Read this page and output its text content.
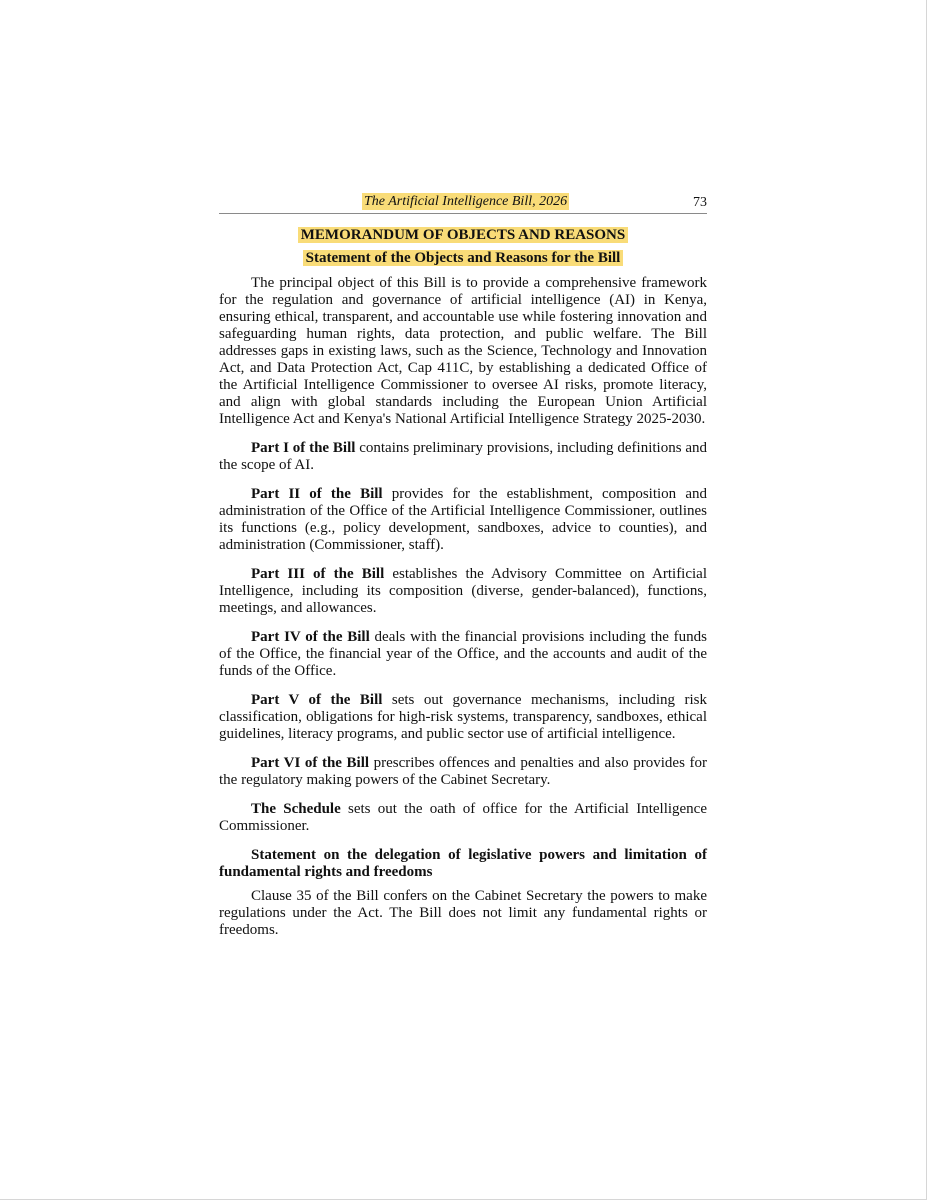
The Artificial Intelligence Bill, 2026	73
MEMORANDUM OF OBJECTS AND REASONS
Statement of the Objects and Reasons for the Bill

The principal object of this Bill is to provide a comprehensive framework for the regulation and governance of artificial intelligence (AI) in Kenya, ensuring ethical, transparent, and accountable use while fostering innovation and safeguarding human rights, data protection, and public welfare. The Bill addresses gaps in existing laws, such as the Science, Technology and Innovation Act, and Data Protection Act, Cap 411C, by establishing a dedicated Office of the Artificial Intelligence Commissioner to oversee AI risks, promote literacy, and align with global standards including the European Union Artificial Intelligence Act and Kenya's National Artificial Intelligence Strategy 2025-2030.

Part I of the Bill contains preliminary provisions, including definitions and the scope of AI.

Part II of the Bill provides for the establishment, composition and administration of the Office of the Artificial Intelligence Commissioner, outlines its functions (e.g., policy development, sandboxes, advice to counties), and administration (Commissioner, staff).

Part III of the Bill establishes the Advisory Committee on Artificial Intelligence, including its composition (diverse, gender-balanced), functions, meetings, and allowances.

Part IV of the Bill deals with the financial provisions including the funds of the Office, the financial year of the Office, and the accounts and audit of the funds of the Office.

Part V of the Bill sets out governance mechanisms, including risk classification, obligations for high-risk systems, transparency, sandboxes, ethical guidelines, literacy programs, and public sector use of artificial intelligence.

Part VI of the Bill prescribes offences and penalties and also provides for the regulatory making powers of the Cabinet Secretary.

The Schedule sets out the oath of office for the Artificial Intelligence Commissioner.

Statement on the delegation of legislative powers and limitation of fundamental rights and freedoms

Clause 35 of the Bill confers on the Cabinet Secretary the powers to make regulations under the Act. The Bill does not limit any fundamental rights or freedoms.
